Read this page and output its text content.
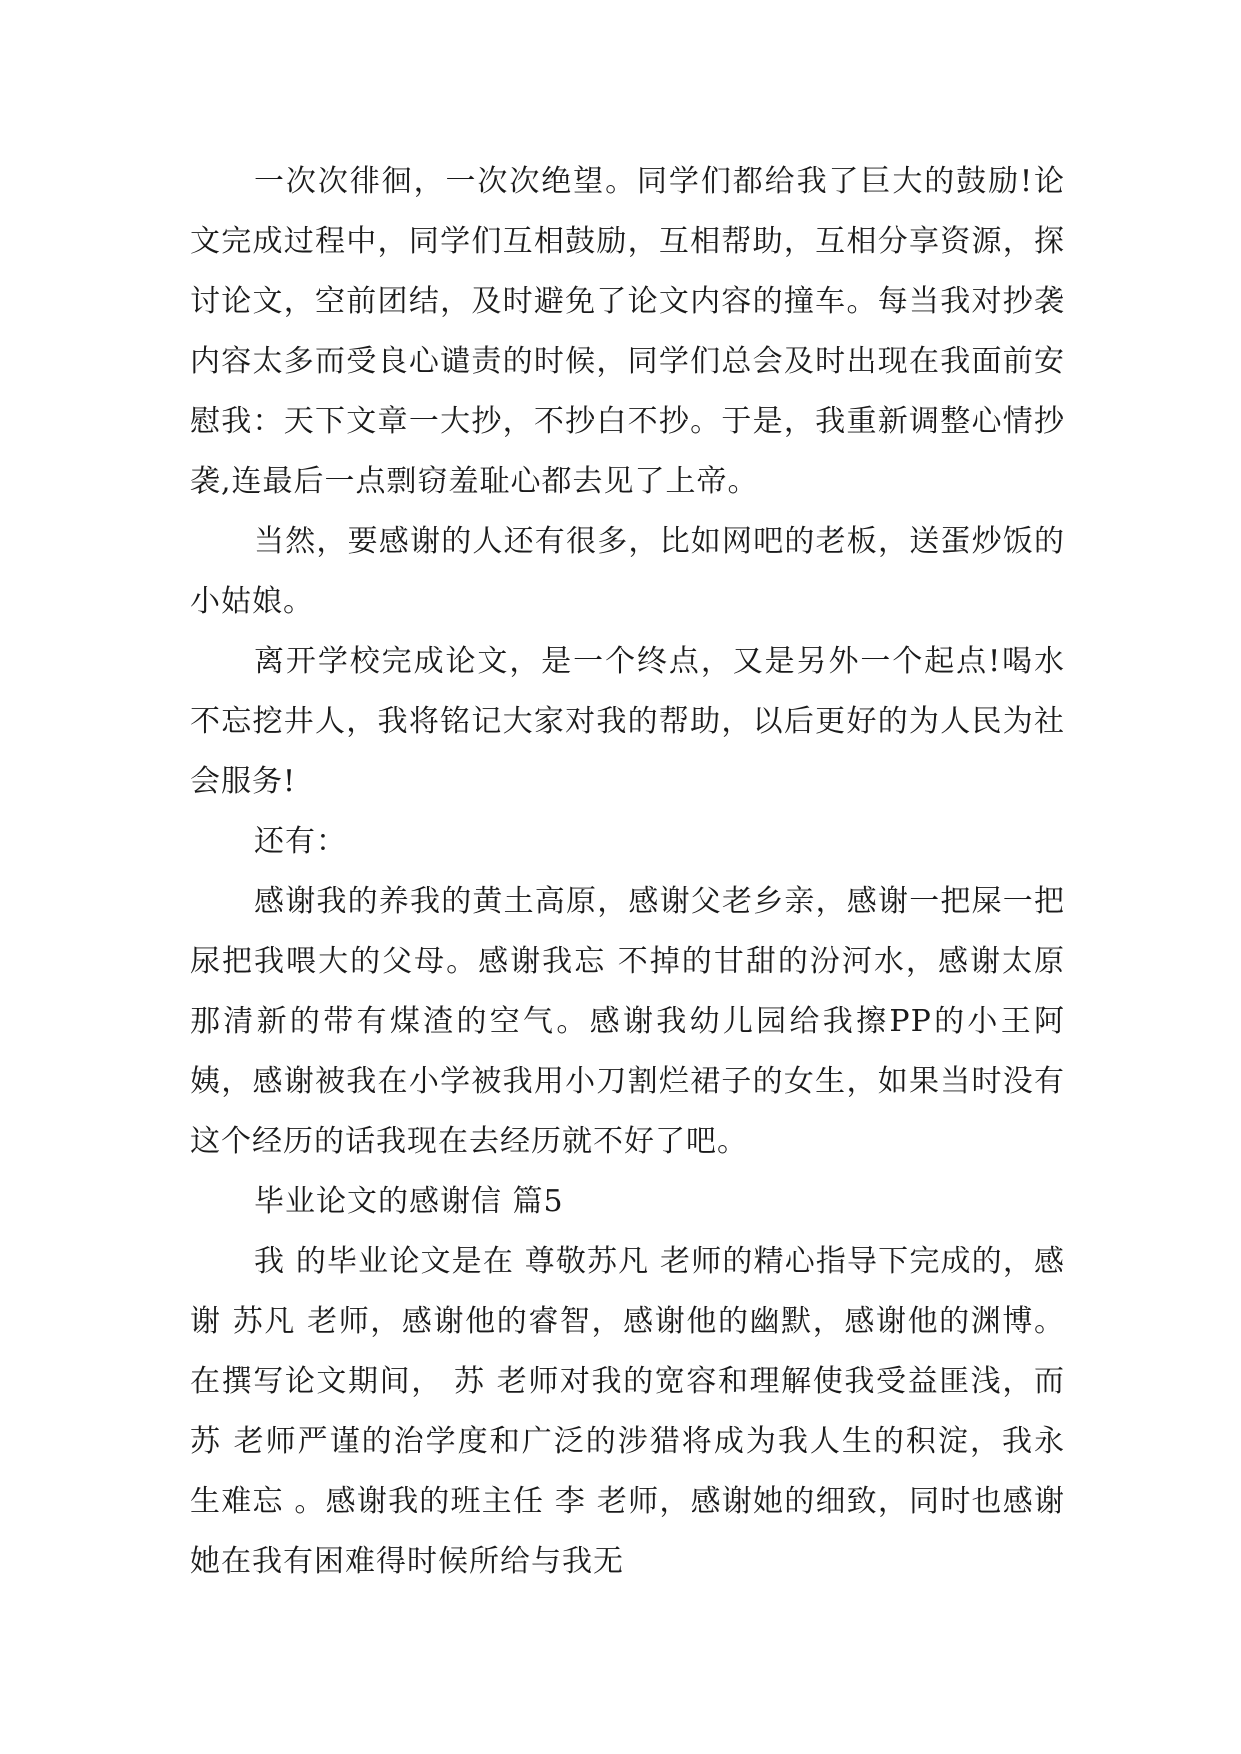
一次次徘徊，一次次绝望。同学们都给我了巨大的鼓励!论文完成过程中，同学们互相鼓励，互相帮助，互相分享资源，探讨论文，空前团结，及时避免了论文内容的撞车。每当我对抄袭内容太多而受良心谴责的时候，同学们总会及时出现在我面前安慰我：天下文章一大抄，不抄白不抄。于是，我重新调整心情抄袭,连最后一点剽窃羞耻心都去见了上帝。

当然，要感谢的人还有很多，比如网吧的老板，送蛋炒饭的小姑娘。

离开学校完成论文，是一个终点，又是另外一个起点!喝水不忘挖井人，我将铭记大家对我的帮助，以后更好的为人民为社会服务!

还有：

感谢我的养我的黄土高原，感谢父老乡亲，感谢一把屎一把尿把我喂大的父母。感谢我忘 不掉的甘甜的汾河水，感谢太原那清新的带有煤渣的空气。感谢我幼儿园给我擦PP的小王阿姨，感谢被我在小学被我用小刀割烂裙子的女生，如果当时没有这个经历的话我现在去经历就不好了吧。

毕业论文的感谢信 篇5

我 的毕业论文是在 尊敬苏凡 老师的精心指导下完成的，感谢 苏凡 老师，感谢他的睿智，感谢他的幽默，感谢他的渊博。在撰写论文期间， 苏 老师对我的宽容和理解使我受益匪浅，而 苏 老师严谨的治学度和广泛的涉猎将成为我人生的积淀，我永生难忘 。感谢我的班主任 李 老师，感谢她的细致，同时也感谢她在我有困难得时候所给与我无
